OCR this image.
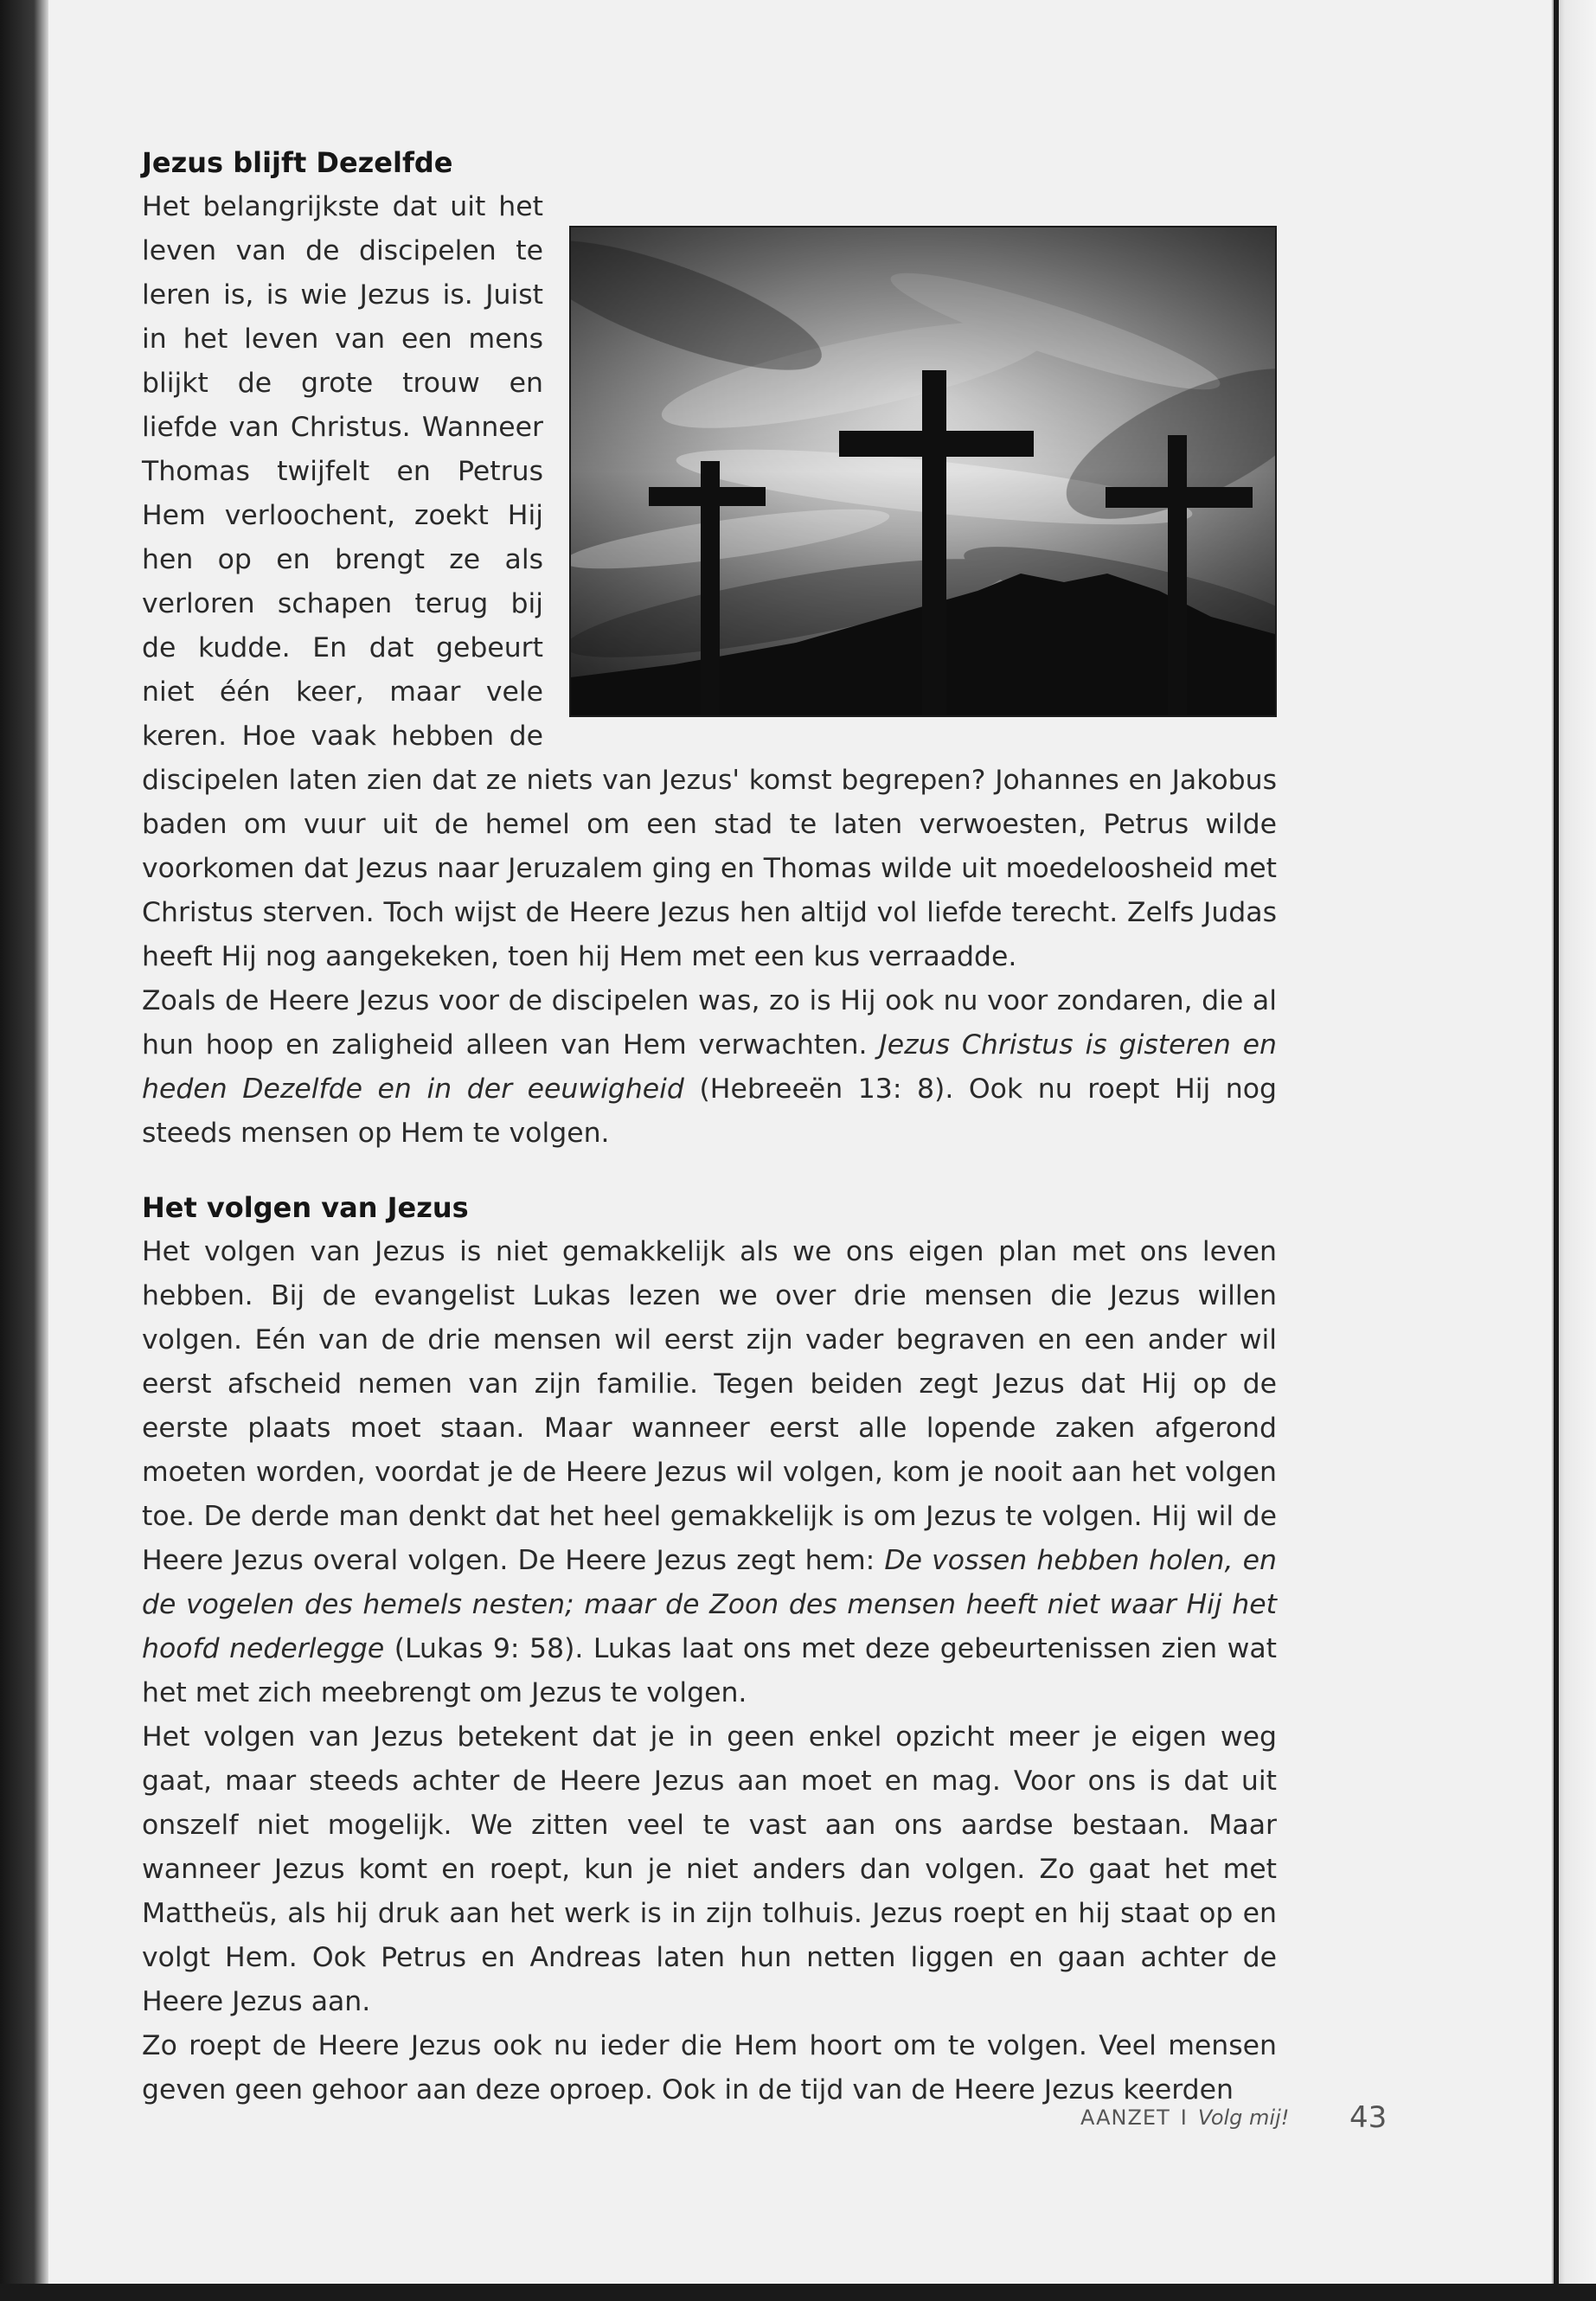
Jezus blijft Dezelfde

Het belangrijkste dat uit het leven van de discipelen te leren is, is wie Jezus is. Juist in het leven van een mens blijkt de grote trouw en liefde van Christus. Wanneer Thomas twijfelt en Petrus Hem verloochent, zoekt Hij hen op en brengt ze als verloren schapen terug bij de kudde. En dat gebeurt niet één keer, maar vele keren. Hoe vaak hebben de discipelen laten zien dat ze niets van Jezus' komst begrepen? Johannes en Jakobus baden om vuur uit de hemel om een stad te laten verwoesten, Petrus wilde voorkomen dat Jezus naar Jeruzalem ging en Thomas wilde uit moedeloosheid met Christus sterven. Toch wijst de Heere Jezus hen altijd vol liefde terecht. Zelfs Judas heeft Hij nog aangekeken, toen hij Hem met een kus verraadde.

Zoals de Heere Jezus voor de discipelen was, zo is Hij ook nu voor zondaren, die al hun hoop en zaligheid alleen van Hem verwachten. Jezus Christus is gisteren en heden Dezelfde en in der eeuwigheid (Hebreeën 13: 8). Ook nu roept Hij nog steeds mensen op Hem te volgen.

Het volgen van Jezus

Het volgen van Jezus is niet gemakkelijk als we ons eigen plan met ons leven hebben. Bij de evangelist Lukas lezen we over drie mensen die Jezus willen volgen. Eén van de drie mensen wil eerst zijn vader begraven en een ander wil eerst afscheid nemen van zijn familie. Tegen beiden zegt Jezus dat Hij op de eerste plaats moet staan. Maar wanneer eerst alle lopende zaken afgerond moeten worden, voordat je de Heere Jezus wil volgen, kom je nooit aan het volgen toe. De derde man denkt dat het heel gemakkelijk is om Jezus te volgen. Hij wil de Heere Jezus overal volgen. De Heere Jezus zegt hem: De vossen hebben holen, en de vogelen des hemels nesten; maar de Zoon des mensen heeft niet waar Hij het hoofd nederlegge (Lukas 9: 58). Lukas laat ons met deze gebeurtenissen zien wat het met zich meebrengt om Jezus te volgen.

Het volgen van Jezus betekent dat je in geen enkel opzicht meer je eigen weg gaat, maar steeds achter de Heere Jezus aan moet en mag. Voor ons is dat uit onszelf niet mogelijk. We zitten veel te vast aan ons aardse bestaan. Maar wanneer Jezus komt en roept, kun je niet anders dan volgen. Zo gaat het met Mattheüs, als hij druk aan het werk is in zijn tolhuis. Jezus roept en hij staat op en volgt Hem. Ook Petrus en Andreas laten hun netten liggen en gaan achter de Heere Jezus aan.

Zo roept de Heere Jezus ook nu ieder die Hem hoort om te volgen. Veel mensen geven geen gehoor aan deze oproep. Ook in de tijd van de Heere Jezus keerden

AANZET I Volg mij! 43
